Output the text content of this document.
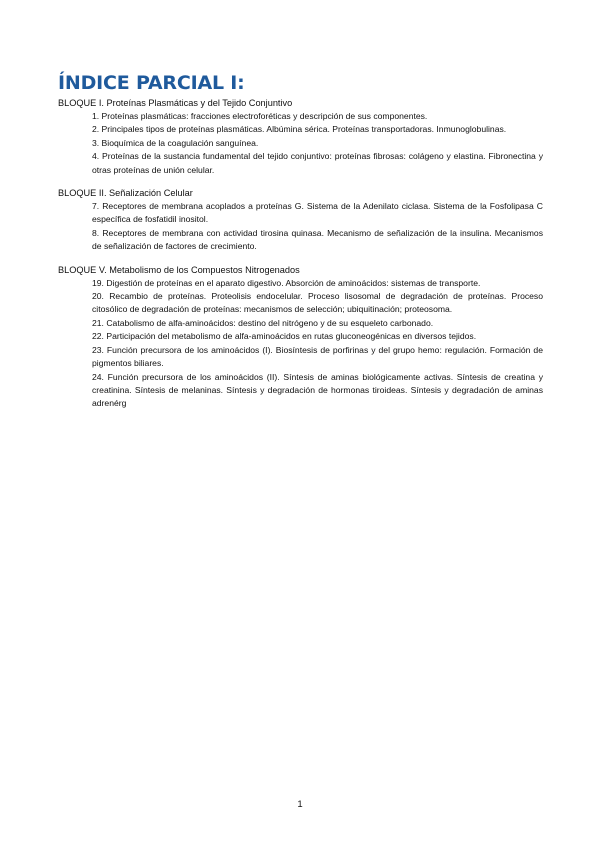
ÍNDICE PARCIAL I:

BLOQUE I. Proteínas Plasmáticas y del Tejido Conjuntivo

1. Proteínas plasmáticas: fracciones electroforéticas y descripción de sus componentes.

2. Principales tipos de proteínas plasmáticas. Albúmina sérica. Proteínas transportadoras. Inmunoglobulinas.

3. Bioquímica de la coagulación sanguínea.

4. Proteínas de la sustancia fundamental del tejido conjuntivo: proteínas fibrosas: colágeno y elastina. Fibronectina y otras proteínas de unión celular.

BLOQUE II. Señalización Celular

7. Receptores de membrana acoplados a proteínas G. Sistema de la Adenilato ciclasa. Sistema de la Fosfolipasa C específica de fosfatidil inositol.

8. Receptores de membrana con actividad tirosina quinasa. Mecanismo de señalización de la insulina. Mecanismos de señalización de factores de crecimiento.

BLOQUE V. Metabolismo de los Compuestos Nitrogenados

19. Digestión de proteínas en el aparato digestivo. Absorción de aminoácidos: sistemas de transporte.

20. Recambio de proteínas. Proteolisis endocelular. Proceso lisosomal de degradación de proteínas. Proceso citosólico de degradación de proteínas: mecanismos de selección; ubiquitinación; proteosoma.

21. Catabolismo de alfa-aminoácidos: destino del nitrógeno y de su esqueleto carbonado.

22. Participación del metabolismo de alfa-aminoácidos en rutas gluconeogénicas en diversos tejidos.

23. Función precursora de los aminoácidos (I). Biosíntesis de porfirinas y del grupo hemo: regulación. Formación de pigmentos biliares.

24. Función precursora de los aminoácidos (II). Síntesis de aminas biológicamente activas. Síntesis de creatina y creatinina. Síntesis de melaninas. Síntesis y degradación de hormonas tiroideas. Síntesis y degradación de aminas adrenérg

1
